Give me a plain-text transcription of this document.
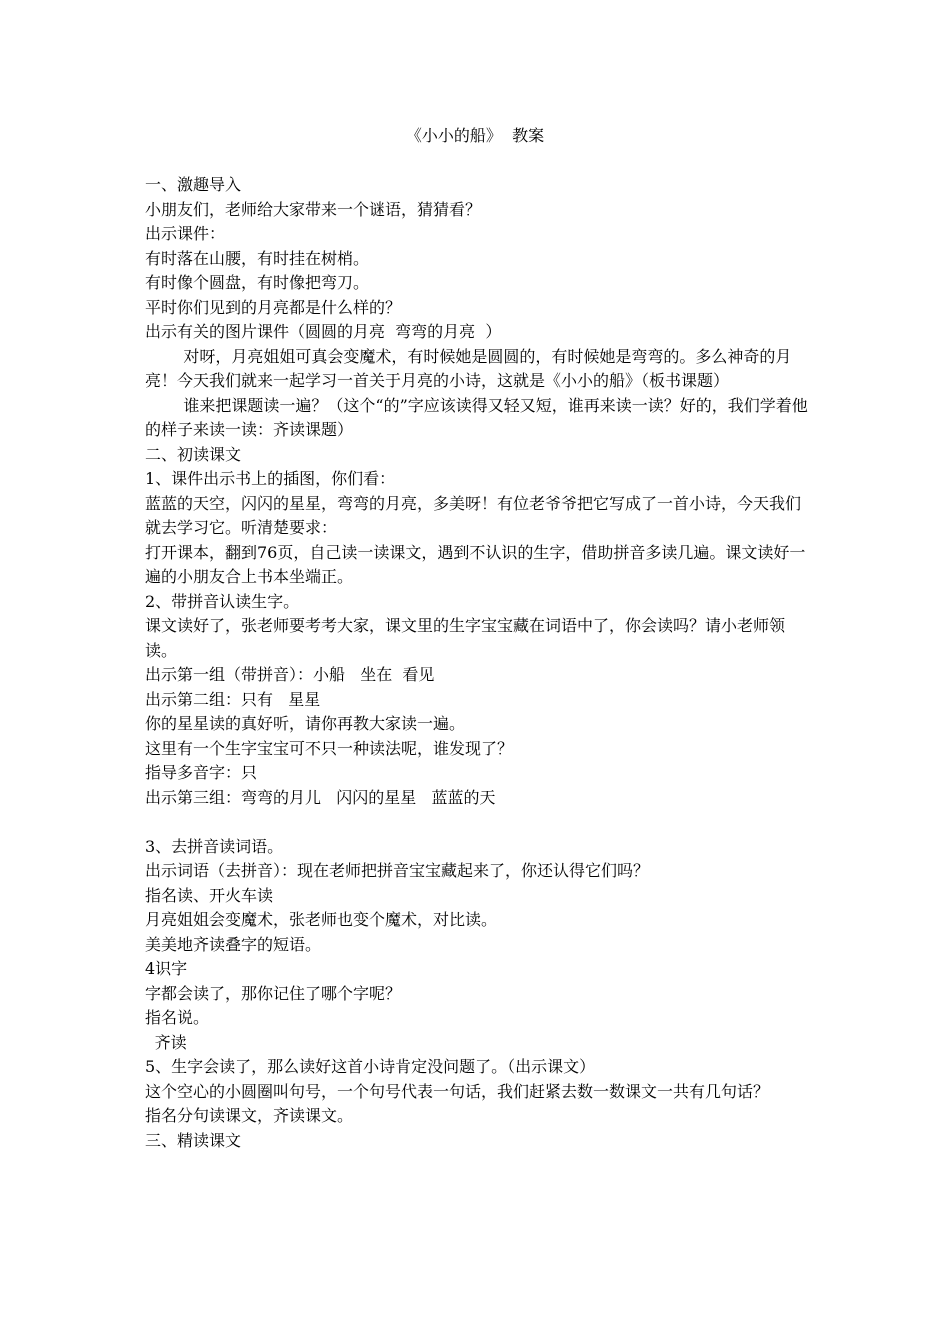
《小小的船》  教案

一、激趣导入

小朋友们，老师给大家带来一个谜语，猜猜看？

出示课件：

有时落在山腰，有时挂在树梢。

有时像个圆盘，有时像把弯刀。

平时你们见到的月亮都是什么样的？

出示有关的图片课件（圆圆的月亮  弯弯的月亮  ）

对呀，月亮姐姐可真会变魔术，有时候她是圆圆的，有时候她是弯弯的。多么神奇的月亮！今天我们就来一起学习一首关于月亮的小诗，这就是《小小的船》（板书课题）

谁来把课题读一遍？（这个“的”字应该读得又轻又短，谁再来读一读？好的，我们学着他的样子来读一读：齐读课题）

二、初读课文

1、课件出示书上的插图，你们看：

蓝蓝的天空，闪闪的星星，弯弯的月亮，多美呀！有位老爷爷把它写成了一首小诗，今天我们就去学习它。听清楚要求：

打开课本，翻到76页，自己读一读课文，遇到不认识的生字，借助拼音多读几遍。课文读好一遍的小朋友合上书本坐端正。

2、带拼音认读生字。

课文读好了，张老师要考考大家，课文里的生字宝宝藏在词语中了，你会读吗？请小老师领读。

出示第一组（带拼音）：小船   坐在  看见

出示第二组：只有   星星

你的星星读的真好听，请你再教大家读一遍。

这里有一个生字宝宝可不只一种读法呢，谁发现了？

指导多音字：只

出示第三组：弯弯的月儿   闪闪的星星   蓝蓝的天

3、去拼音读词语。

出示词语（去拼音）：现在老师把拼音宝宝藏起来了，你还认得它们吗？

指名读、开火车读

月亮姐姐会变魔术，张老师也变个魔术，对比读。

美美地齐读叠字的短语。

4识字

字都会读了，那你记住了哪个字呢？

指名说。

齐读

5、生字会读了，那么读好这首小诗肯定没问题了。（出示课文）

这个空心的小圆圈叫句号，一个句号代表一句话，我们赶紧去数一数课文一共有几句话？

指名分句读课文，齐读课文。

三、精读课文
